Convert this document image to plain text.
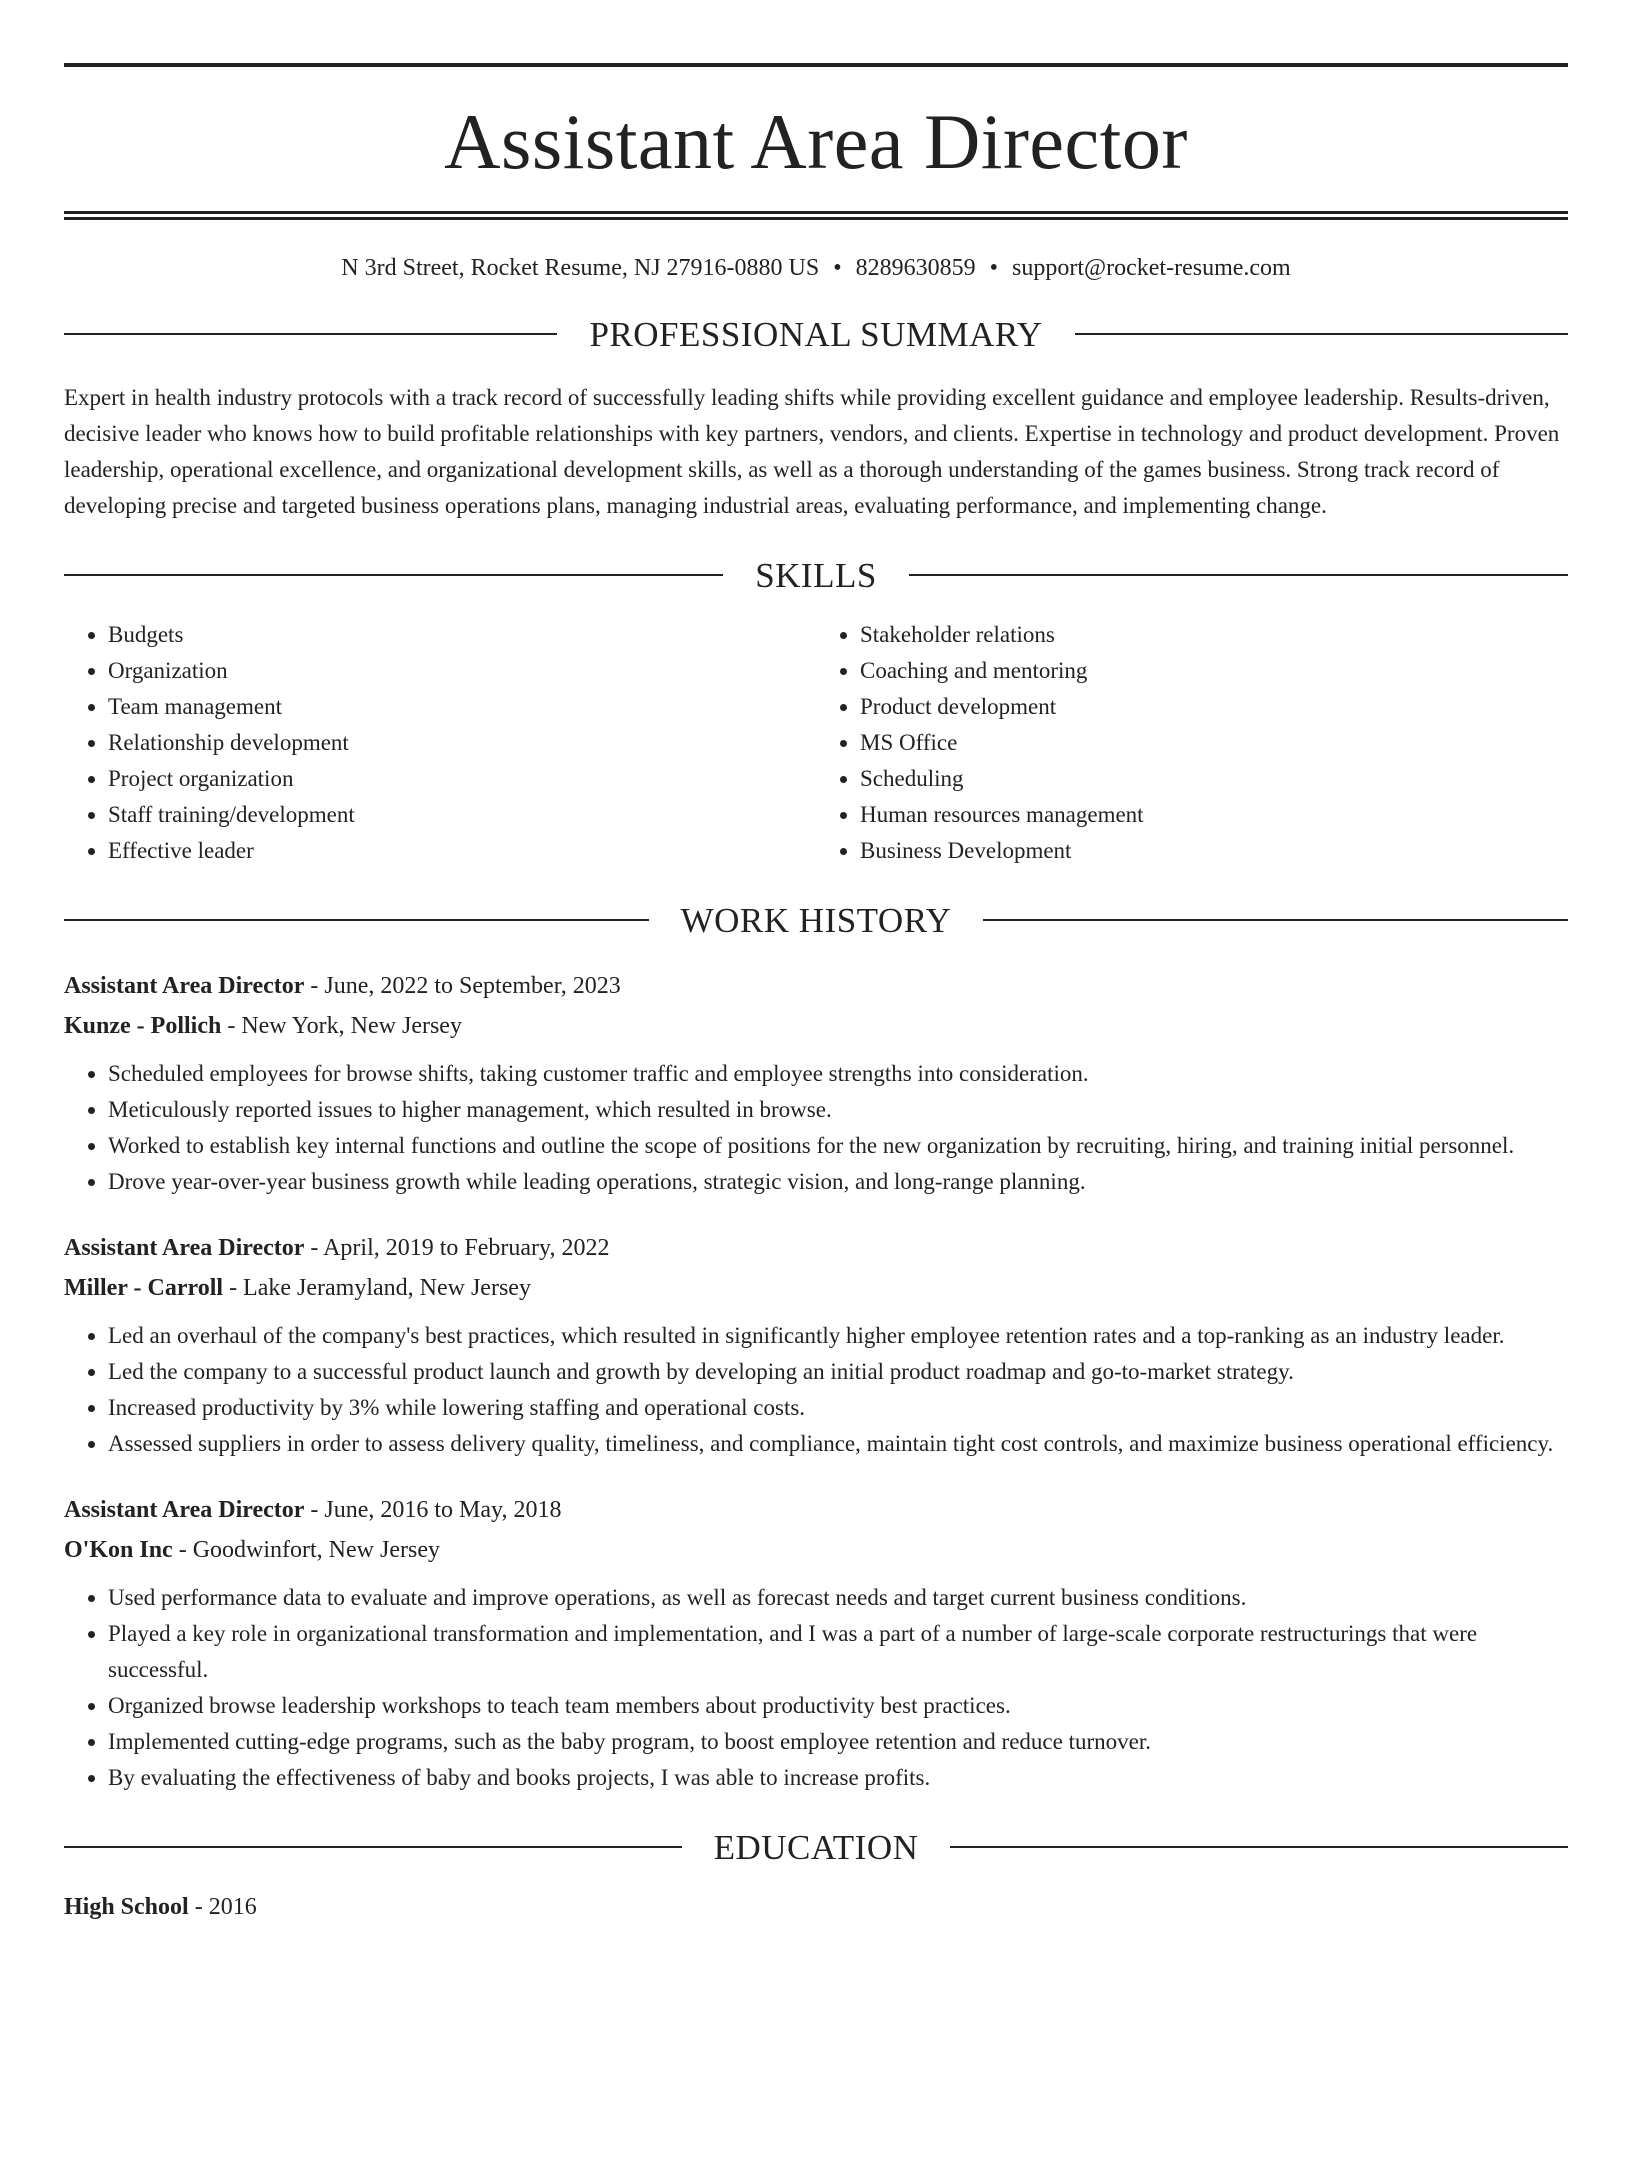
Assistant Area Director
N 3rd Street, Rocket Resume, NJ 27916-0880 US • 8289630859 • support@rocket-resume.com
PROFESSIONAL SUMMARY
Expert in health industry protocols with a track record of successfully leading shifts while providing excellent guidance and employee leadership. Results-driven, decisive leader who knows how to build profitable relationships with key partners, vendors, and clients. Expertise in technology and product development. Proven leadership, operational excellence, and organizational development skills, as well as a thorough understanding of the games business. Strong track record of developing precise and targeted business operations plans, managing industrial areas, evaluating performance, and implementing change.
SKILLS
• Budgets
• Organization
• Team management
• Relationship development
• Project organization
• Staff training/development
• Effective leader
• Stakeholder relations
• Coaching and mentoring
• Product development
• MS Office
• Scheduling
• Human resources management
• Business Development
WORK HISTORY
Assistant Area Director - June, 2022 to September, 2023
Kunze - Pollich - New York, New Jersey
• Scheduled employees for browse shifts, taking customer traffic and employee strengths into consideration.
• Meticulously reported issues to higher management, which resulted in browse.
• Worked to establish key internal functions and outline the scope of positions for the new organization by recruiting, hiring, and training initial personnel.
• Drove year-over-year business growth while leading operations, strategic vision, and long-range planning.
Assistant Area Director - April, 2019 to February, 2022
Miller - Carroll - Lake Jeramyland, New Jersey
• Led an overhaul of the company's best practices, which resulted in significantly higher employee retention rates and a top-ranking as an industry leader.
• Led the company to a successful product launch and growth by developing an initial product roadmap and go-to-market strategy.
• Increased productivity by 3% while lowering staffing and operational costs.
• Assessed suppliers in order to assess delivery quality, timeliness, and compliance, maintain tight cost controls, and maximize business operational efficiency.
Assistant Area Director - June, 2016 to May, 2018
O'Kon Inc - Goodwinfort, New Jersey
• Used performance data to evaluate and improve operations, as well as forecast needs and target current business conditions.
• Played a key role in organizational transformation and implementation, and I was a part of a number of large-scale corporate restructurings that were successful.
• Organized browse leadership workshops to teach team members about productivity best practices.
• Implemented cutting-edge programs, such as the baby program, to boost employee retention and reduce turnover.
• By evaluating the effectiveness of baby and books projects, I was able to increase profits.
EDUCATION
High School - 2016
